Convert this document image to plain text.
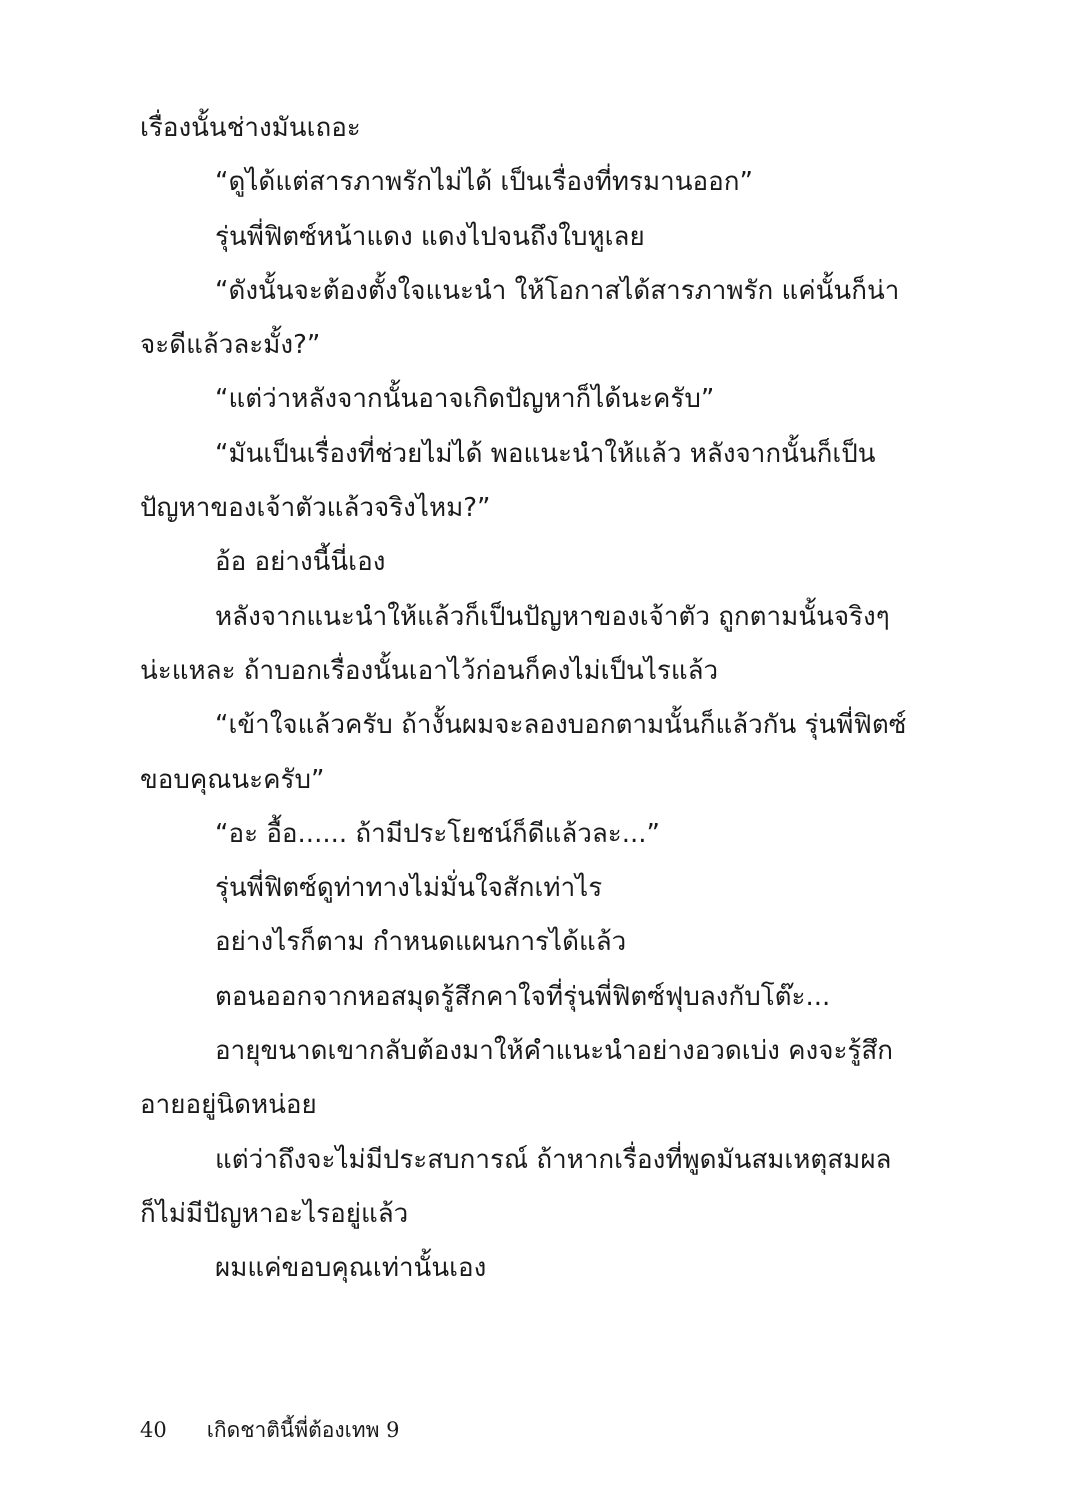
เรื่องนั้นช่างมันเถอะ
“ดูได้แต่สารภาพรักไม่ได้ เป็นเรื่องที่ทรมานออก”
รุ่นพี่ฟิตซ์หน้าแดง แดงไปจนถึงใบหูเลย
“ดังนั้นจะต้องตั้งใจแนะนำ ให้โอกาสได้สารภาพรัก แค่นั้นก็น่า
จะดีแล้วละมั้ง?”
“แต่ว่าหลังจากนั้นอาจเกิดปัญหาก็ได้นะครับ”
“มันเป็นเรื่องที่ช่วยไม่ได้ พอแนะนำให้แล้ว หลังจากนั้นก็เป็น
ปัญหาของเจ้าตัวแล้วจริงไหม?”
อ้อ อย่างนี้นี่เอง
หลังจากแนะนำให้แล้วก็เป็นปัญหาของเจ้าตัว ถูกตามนั้นจริงๆ
น่ะแหละ ถ้าบอกเรื่องนั้นเอาไว้ก่อนก็คงไม่เป็นไรแล้ว
“เข้าใจแล้วครับ ถ้างั้นผมจะลองบอกตามนั้นก็แล้วกัน รุ่นพี่ฟิตซ์
ขอบคุณนะครับ”
“อะ อื้อ...... ถ้ามีประโยชน์ก็ดีแล้วละ...”
รุ่นพี่ฟิตซ์ดูท่าทางไม่มั่นใจสักเท่าไร
อย่างไรก็ตาม กำหนดแผนการได้แล้ว
ตอนออกจากหอสมุดรู้สึกคาใจที่รุ่นพี่ฟิตซ์ฟุบลงกับโต๊ะ...
อายุขนาดเขากลับต้องมาให้คำแนะนำอย่างอวดเบ่ง คงจะรู้สึก
อายอยู่นิดหน่อย
แต่ว่าถึงจะไม่มีประสบการณ์ ถ้าหากเรื่องที่พูดมันสมเหตุสมผล
ก็ไม่มีปัญหาอะไรอยู่แล้ว
ผมแค่ขอบคุณเท่านั้นเอง
40 เกิดชาตินี้พี่ต้องเทพ 9
